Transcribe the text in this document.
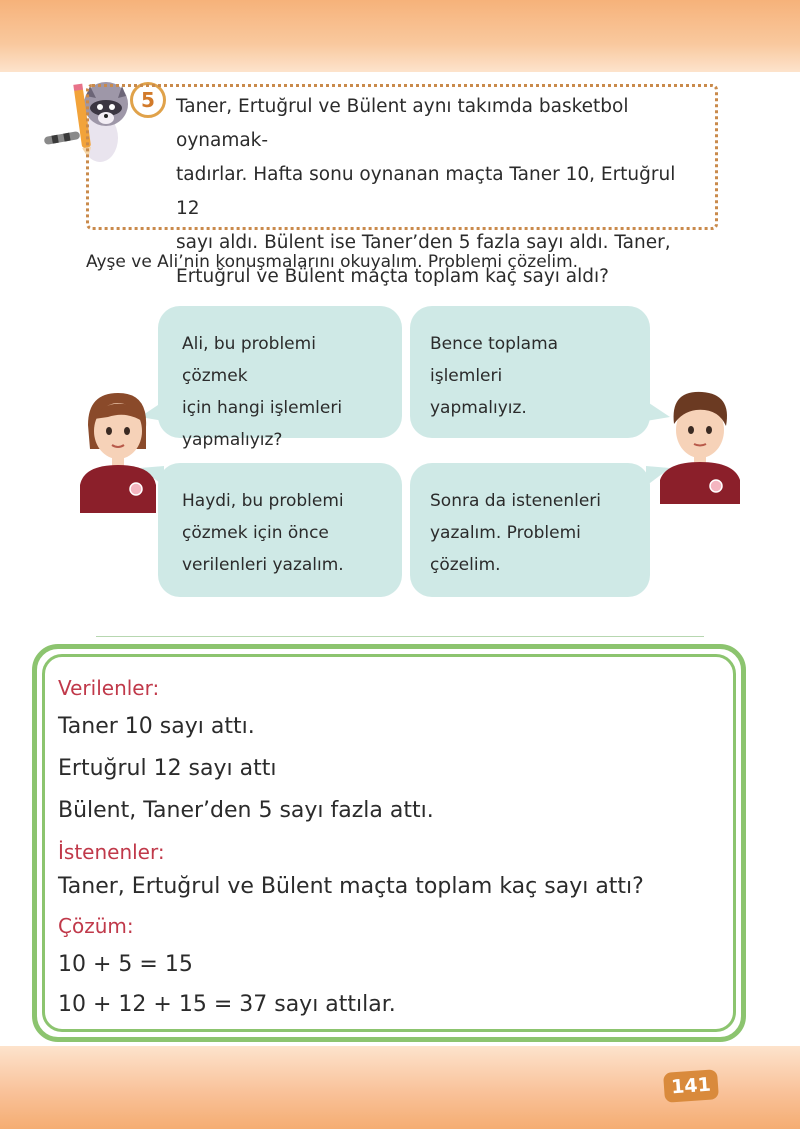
5	Taner, Ertuğrul ve Bülent aynı takımda basketbol oynamak-
tadırlar. Hafta sonu oynanan maçta Taner 10, Ertuğrul 12
sayı aldı. Bülent ise Taner’den 5 fazla sayı aldı. Taner,
Ertuğrul ve Bülent maçta toplam kaç sayı aldı?
Ayşe ve Ali’nin konuşmalarını okuyalım. Problemi çözelim.
Ali, bu problemi çözmek
için hangi işlemleri
yapmalıyız?
Bence toplama işlemleri
yapmalıyız.
Haydi, bu problemi
çözmek için önce
verilenleri yazalım.
Sonra da istenenleri
yazalım. Problemi
çözelim.
Verilenler:
Taner 10 sayı attı.
Ertuğrul 12 sayı attı
Bülent, Taner’den 5 sayı fazla attı.
İstenenler:
Taner, Ertuğrul ve Bülent maçta toplam kaç sayı attı?
Çözüm:
10 + 5 = 15
10 + 12 + 15 = 37 sayı attılar.
141
